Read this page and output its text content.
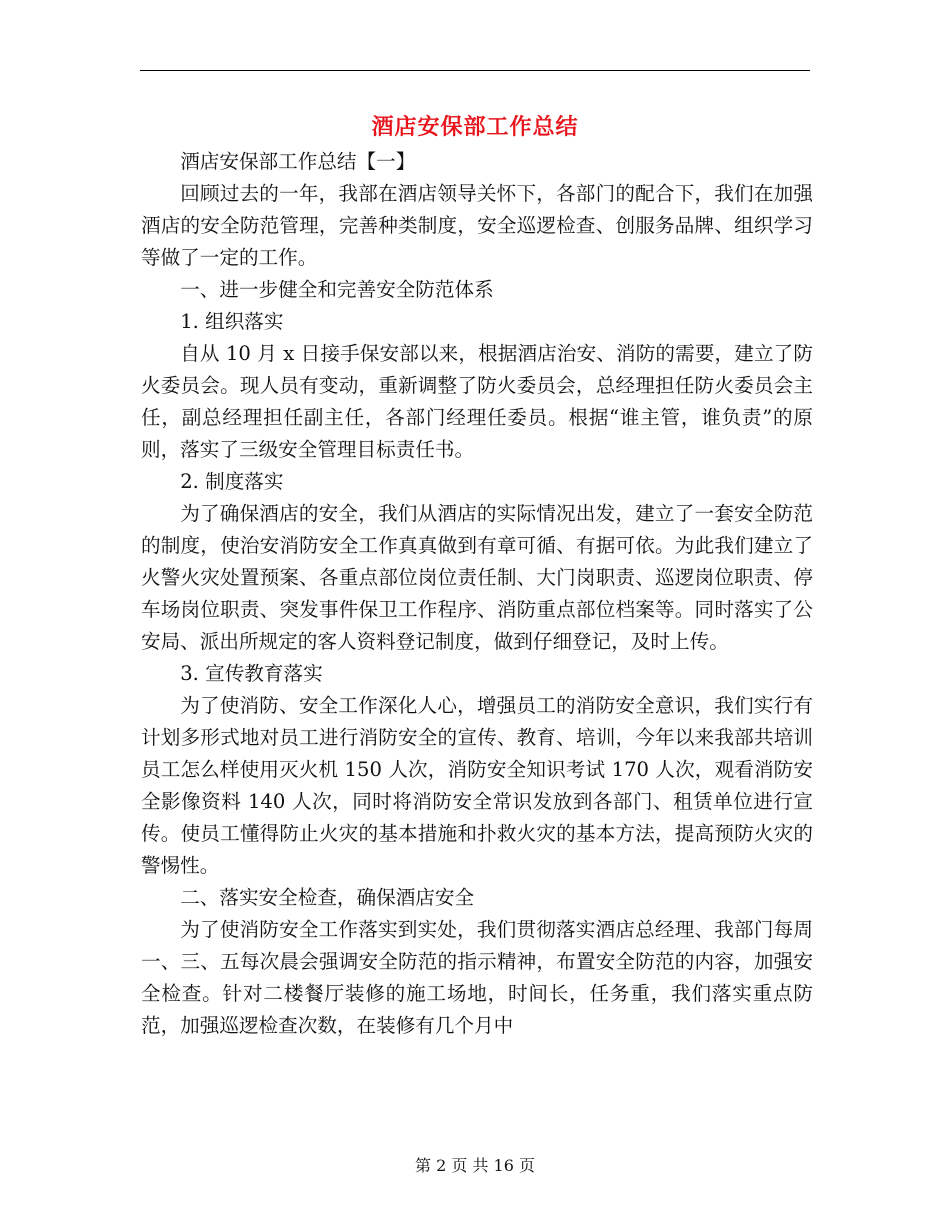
酒店安保部工作总结

酒店安保部工作总结【一】

回顾过去的一年，我部在酒店领导关怀下，各部门的配合下，我们在加强酒店的安全防范管理，完善种类制度，安全巡逻检查、创服务品牌、组织学习等做了一定的工作。

一、进一步健全和完善安全防范体系

1. 组织落实

自从 10 月 x 日接手保安部以来，根据酒店治安、消防的需要，建立了防火委员会。现人员有变动，重新调整了防火委员会，总经理担任防火委员会主任，副总经理担任副主任，各部门经理任委员。根据“谁主管，谁负责”的原则，落实了三级安全管理目标责任书。

2. 制度落实

为了确保酒店的安全，我们从酒店的实际情况出发，建立了一套安全防范的制度，使治安消防安全工作真真做到有章可循、有据可依。为此我们建立了火警火灾处置预案、各重点部位岗位责任制、大门岗职责、巡逻岗位职责、停车场岗位职责、突发事件保卫工作程序、消防重点部位档案等。同时落实了公安局、派出所规定的客人资料登记制度，做到仔细登记，及时上传。

3. 宣传教育落实

为了使消防、安全工作深化人心，增强员工的消防安全意识，我们实行有计划多形式地对员工进行消防安全的宣传、教育、培训，今年以来我部共培训员工怎么样使用灭火机 150 人次，消防安全知识考试 170 人次，观看消防安全影像资料 140 人次，同时将消防安全常识发放到各部门、租赁单位进行宣传。使员工懂得防止火灾的基本措施和扑救火灾的基本方法，提高预防火灾的警惕性。

二、落实安全检查，确保酒店安全

为了使消防安全工作落实到实处，我们贯彻落实酒店总经理、我部门每周一、三、五每次晨会强调安全防范的指示精神，布置安全防范的内容，加强安全检查。针对二楼餐厅装修的施工场地，时间长，任务重，我们落实重点防范，加强巡逻检查次数，在装修有几个月中

第 2 页 共 16 页
